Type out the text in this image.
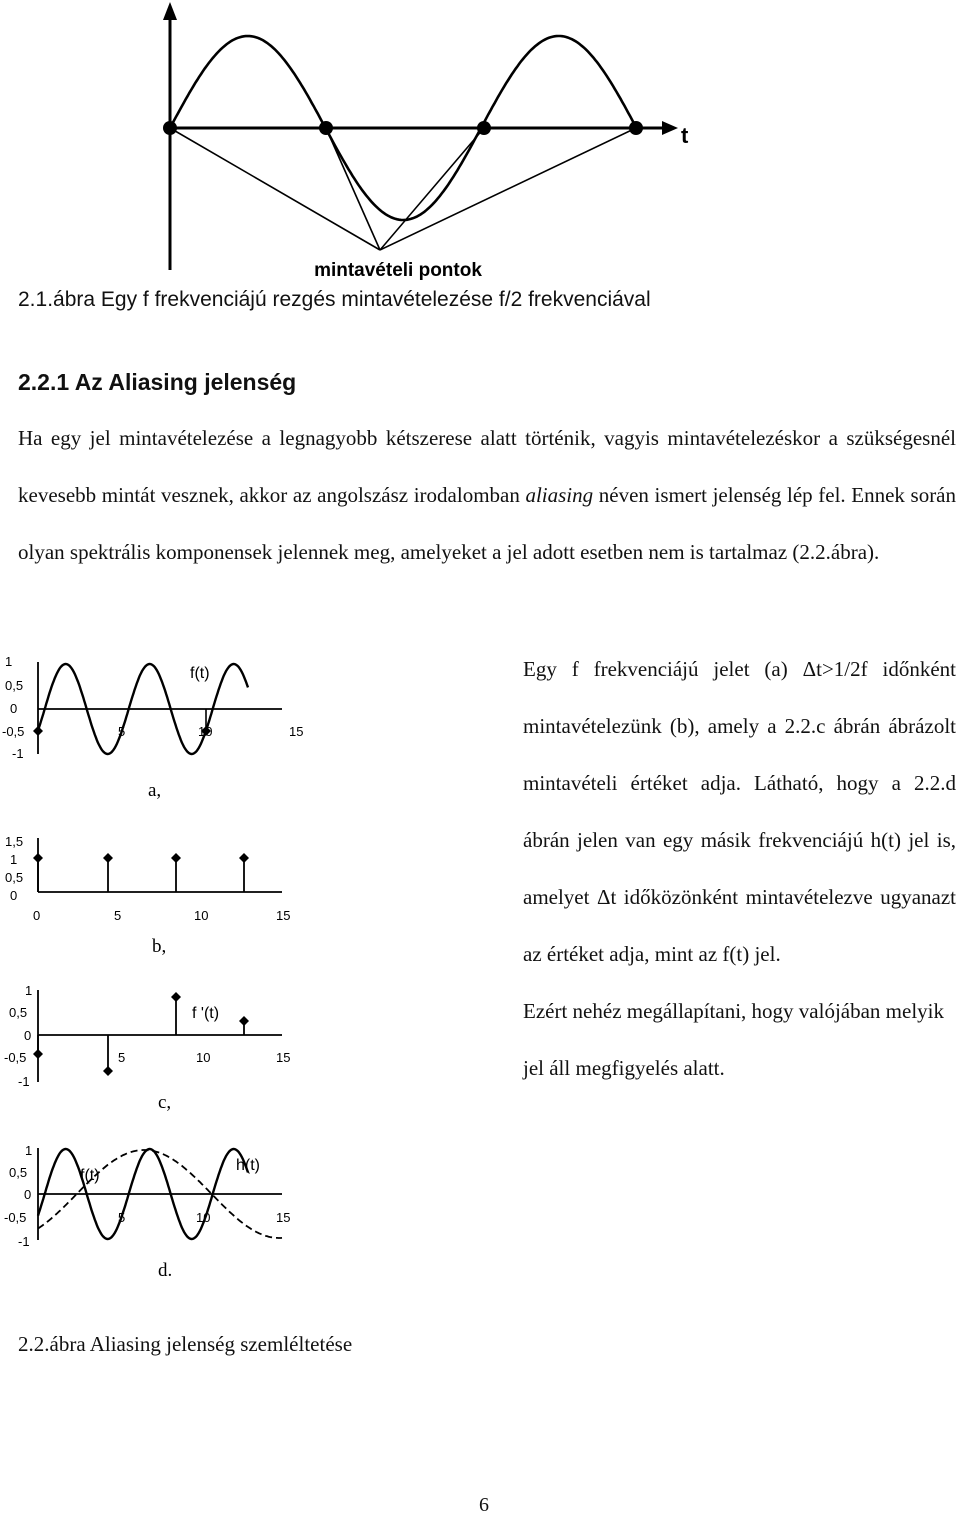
t
mintavételi pontok
2.1.ábra Egy f frekvenciájú rezgés mintavételezése f/2 frekvenciával
2.2.1 Az Aliasing jelenség

Ha egy jel mintavételezése a legnagyobb kétszerese alatt történik, vagyis mintavételezéskor a szükségesnél kevesebb mintát vesznek, akkor az angolszász irodalomban aliasing néven ismert jelenség lép fel. Ennek során olyan spektrális komponensek jelennek meg, amelyeket a jel adott esetben nem is tartalmaz (2.2.ábra).

1
0,5
0
-0,5
-1
f(t)
5	10	15
a,
1,5
1
0,5
0
0	5	10	15
b,
1
0,5
0
-0,5
-1
f '(t)
5	10	15
c,
1
0,5
0
-0,5
-1
f(t)
h(t)
5	10	15
d.

Egy f frekvenciájú jelet (a) Δt>1/2f időnként mintavételezünk (b), amely a 2.2.c ábrán ábrázolt mintavételi értéket adja. Látható, hogy a 2.2.d ábrán jelen van egy másik frekvenciájú h(t) jel is, amelyet Δt időközönként mintavételezve ugyanazt az értéket adja, mint az f(t) jel.

Ezért nehéz megállapítani, hogy valójában melyik jel áll megfigyelés alatt.

2.2.ábra Aliasing jelenség szemléltetése
6
